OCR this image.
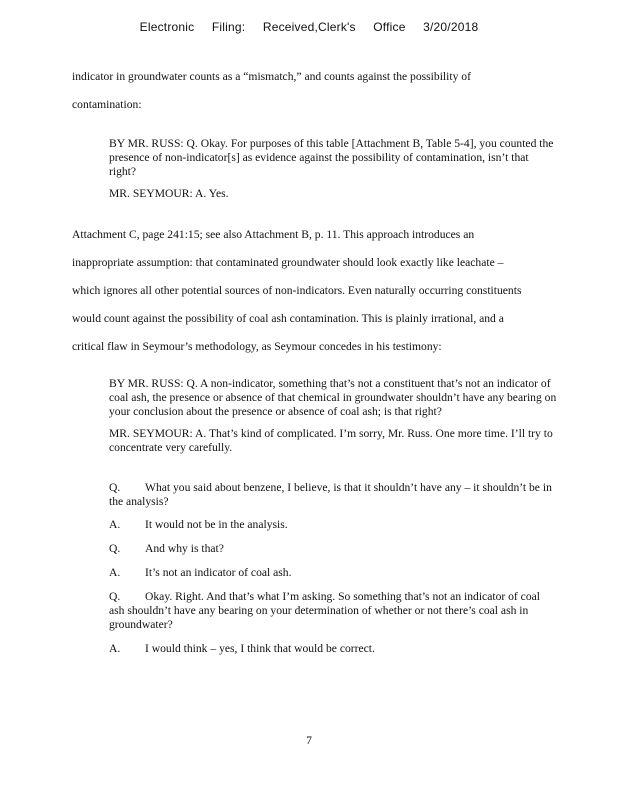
Electronic Filing: Received,Clerk's Office 3/20/2018
indicator in groundwater counts as a “mismatch,” and counts against the possibility of
contamination:
BY MR. RUSS: Q. Okay. For purposes of this table [Attachment B, Table 5-4], you counted the presence of non-indicator[s] as evidence against the possibility of contamination, isn’t that right?
MR. SEYMOUR: A. Yes.
Attachment C, page 241:15; see also Attachment B, p. 11. This approach introduces an
inappropriate assumption: that contaminated groundwater should look exactly like leachate –
which ignores all other potential sources of non-indicators. Even naturally occurring constituents
would count against the possibility of coal ash contamination. This is plainly irrational, and a
critical flaw in Seymour’s methodology, as Seymour concedes in his testimony:
BY MR. RUSS: Q. A non-indicator, something that’s not a constituent that’s not an indicator of coal ash, the presence or absence of that chemical in groundwater shouldn’t have any bearing on your conclusion about the presence or absence of coal ash; is that right?
MR. SEYMOUR: A. That’s kind of complicated. I’m sorry, Mr. Russ. One more time. I’ll try to concentrate very carefully.
Q. What you said about benzene, I believe, is that it shouldn’t have any – it shouldn’t be in the analysis?
A. It would not be in the analysis.
Q. And why is that?
A. It’s not an indicator of coal ash.
Q. Okay. Right. And that’s what I’m asking. So something that’s not an indicator of coal ash shouldn’t have any bearing on your determination of whether or not there’s coal ash in groundwater?
A. I would think – yes, I think that would be correct.
7
